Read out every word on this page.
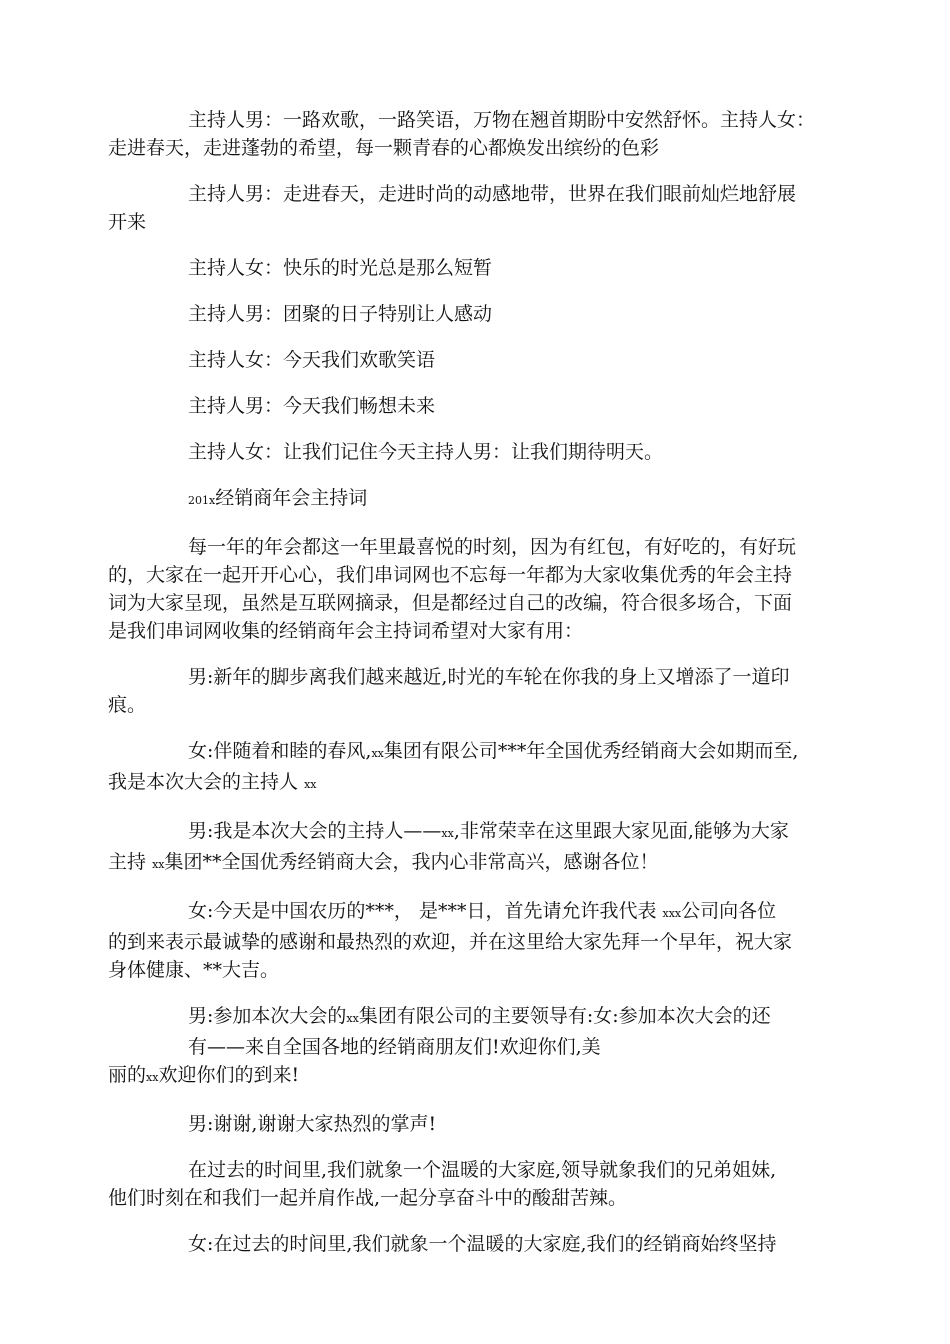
主持人男：一路欢歌，一路笑语，万物在翘首期盼中安然舒怀。主持人女：
走进春天，走进蓬勃的希望，每一颗青春的心都焕发出缤纷的色彩
主持人男：走进春天，走进时尚的动感地带，世界在我们眼前灿烂地舒展
开来
主持人女：快乐的时光总是那么短暂
主持人男：团聚的日子特别让人感动
主持人女：今天我们欢歌笑语
主持人男：今天我们畅想未来
主持人女：让我们记住今天主持人男：让我们期待明天。
201x经销商年会主持词
每一年的年会都这一年里最喜悦的时刻，因为有红包，有好吃的，有好玩
的，大家在一起开开心心，我们串词网也不忘每一年都为大家收集优秀的年会主持
词为大家呈现，虽然是互联网摘录，但是都经过自己的改编，符合很多场合，下面
是我们串词网收集的经销商年会主持词希望对大家有用：
男:新年的脚步离我们越来越近,时光的车轮在你我的身上又增添了一道印
痕。
女:伴随着和睦的春风,xx集团有限公司***年全国优秀经销商大会如期而至,
我是本次大会的主持人 xx
男:我是本次大会的主持人——xx,非常荣幸在这里跟大家见面,能够为大家
主持 xx集团**全国优秀经销商大会，我内心非常高兴，感谢各位！
女:今天是中国农历的***， 是***日，首先请允许我代表 xxx公司向各位
的到来表示最诚挚的感谢和最热烈的欢迎，并在这里给大家先拜一个早年，祝大家
身体健康、**大吉。
男:参加本次大会的xx集团有限公司的主要领导有:女:参加本次大会的还
有——来自全国各地的经销商朋友们!欢迎你们,美
丽的xx欢迎你们的到来!
男:谢谢,谢谢大家热烈的掌声!
在过去的时间里,我们就象一个温暖的大家庭,领导就象我们的兄弟姐妹,
他们时刻在和我们一起并肩作战,一起分享奋斗中的酸甜苦辣。
女:在过去的时间里,我们就象一个温暖的大家庭,我们的经销商始终坚持
